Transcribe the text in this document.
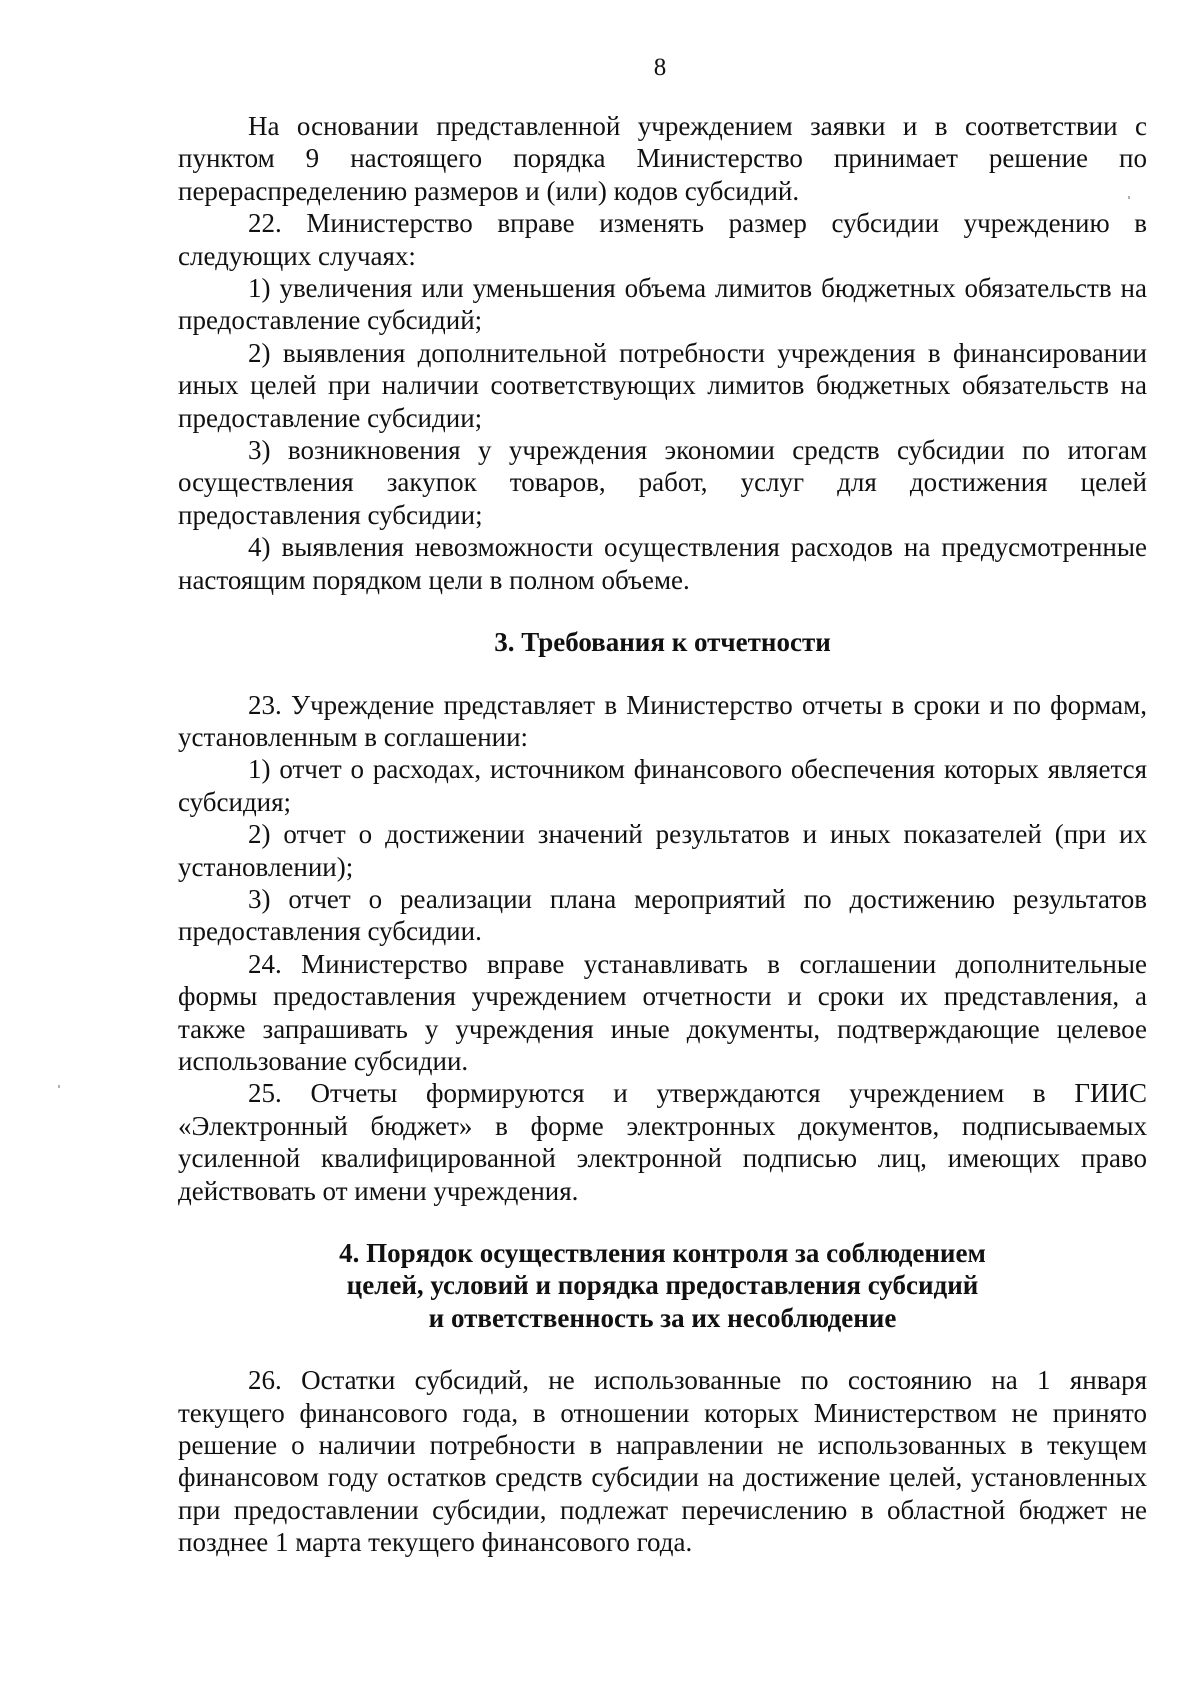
8

На основании представленной учреждением заявки и в соответствии с пунктом 9 настоящего порядка Министерство принимает решение по перераспределению размеров и (или) кодов субсидий.

22. Министерство вправе изменять размер субсидии учреждению в следующих случаях:

1) увеличения или уменьшения объема лимитов бюджетных обязательств на предоставление субсидий;

2) выявления дополнительной потребности учреждения в финансировании иных целей при наличии соответствующих лимитов бюджетных обязательств на предоставление субсидии;

3) возникновения у учреждения экономии средств субсидии по итогам осуществления закупок товаров, работ, услуг для достижения целей предоставления субсидии;

4) выявления невозможности осуществления расходов на предусмотренные настоящим порядком цели в полном объеме.

3. Требования к отчетности

23. Учреждение представляет в Министерство отчеты в сроки и по формам, установленным в соглашении:

1) отчет о расходах, источником финансового обеспечения которых является субсидия;

2) отчет о достижении значений результатов и иных показателей (при их установлении);

3) отчет о реализации плана мероприятий по достижению результатов предоставления субсидии.

24. Министерство вправе устанавливать в соглашении дополнительные формы предоставления учреждением отчетности и сроки их представления, а также запрашивать у учреждения иные документы, подтверждающие целевое использование субсидии.

25. Отчеты формируются и утверждаются учреждением в ГИИС «Электронный бюджет» в форме электронных документов, подписываемых усиленной квалифицированной электронной подписью лиц, имеющих право действовать от имени учреждения.

4. Порядок осуществления контроля за соблюдением
целей, условий и порядка предоставления субсидий
и ответственность за их несоблюдение

26. Остатки субсидий, не использованные по состоянию на 1 января текущего финансового года, в отношении которых Министерством не принято решение о наличии потребности в направлении не использованных в текущем финансовом году остатков средств субсидии на достижение целей, установленных при предоставлении субсидии, подлежат перечислению в областной бюджет не позднее 1 марта текущего финансового года.
